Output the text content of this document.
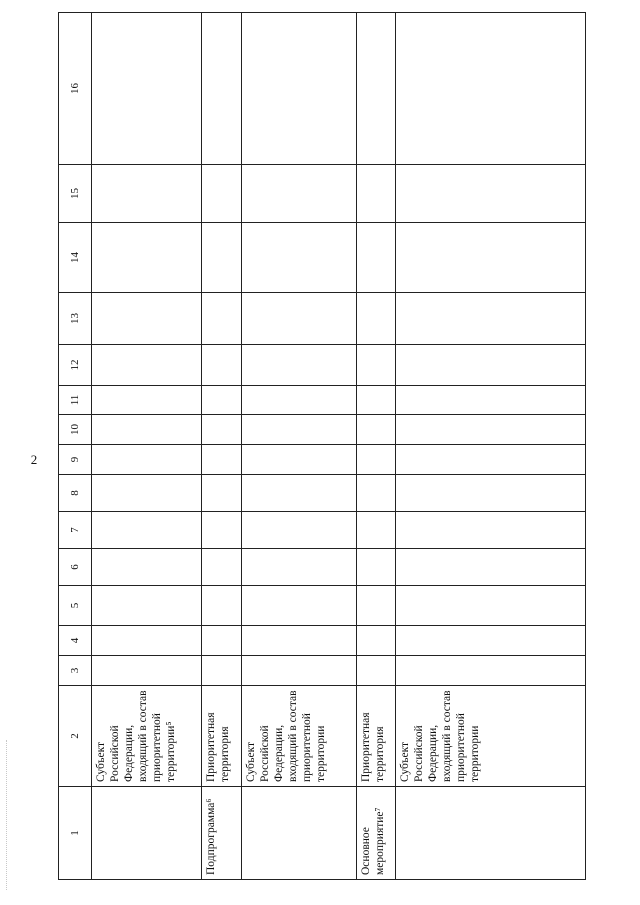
2
1	2	3	4	5	6	7	8	9	10	11	12	13	14	15	16
	Субъект Российской Федерации, входящий в состав приоритетной территории⁵														
Подпрограмма⁶	Приоритетная территория														
	Субъект Российской Федерации, входящий в состав приоритетной территории														
Основное мероприятие⁷	Приоритетная территория														
	Субъект Российской Федерации, входящий в состав приоритетной территории														
